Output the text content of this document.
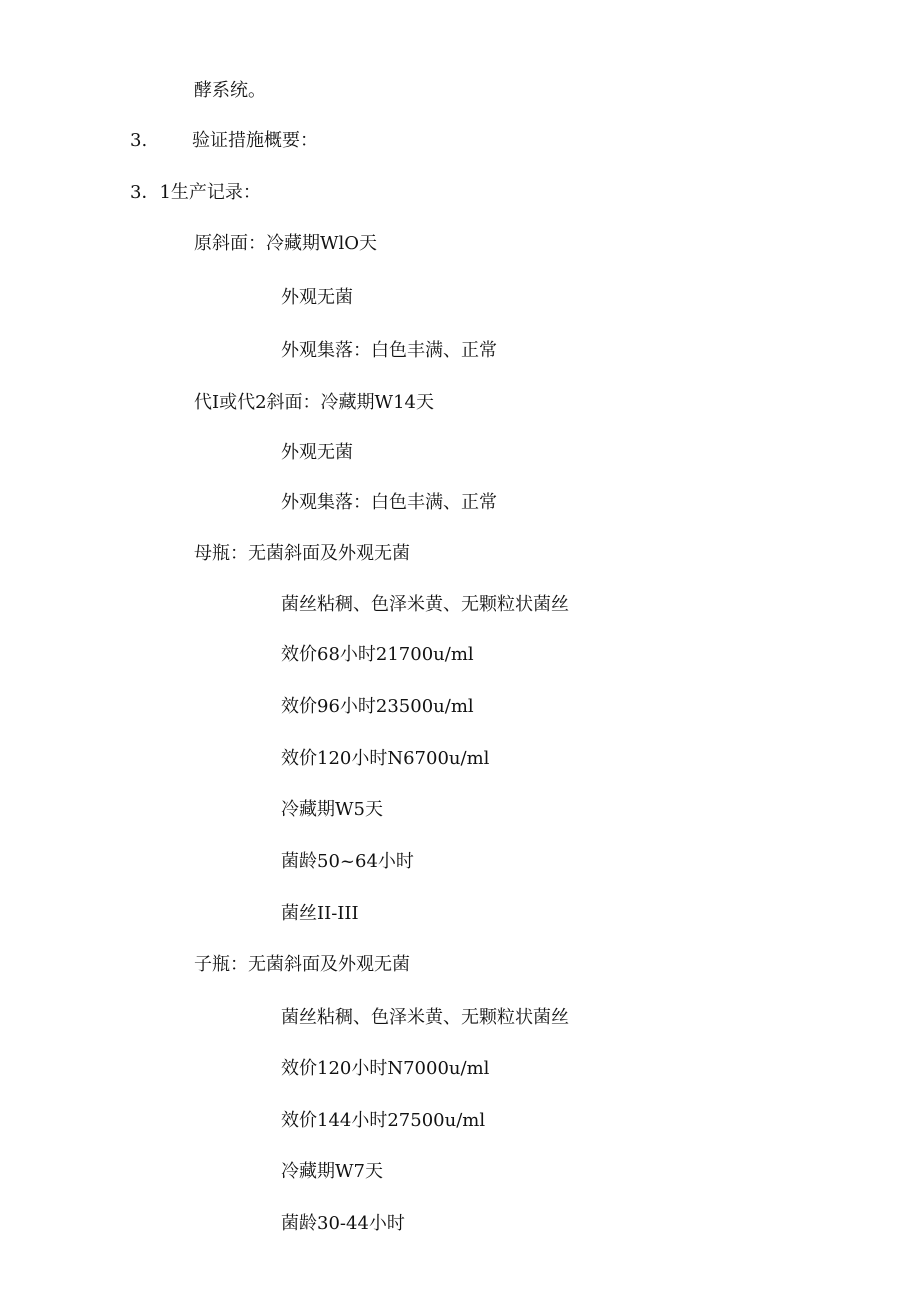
酵系统。
3. 验证措施概要：
3．1生产记录：
原斜面：冷藏期WlO天
外观无菌
外观集落：白色丰满、正常
代I或代2斜面：冷藏期W14天
外观无菌
外观集落：白色丰满、正常
母瓶：无菌斜面及外观无菌
菌丝粘稠、色泽米黄、无颗粒状菌丝
效价68小时21700u∕ml
效价96小时23500u∕ml
效价120小时N6700u∕ml
冷藏期W5天
菌龄50~64小时
菌丝II-III
子瓶：无菌斜面及外观无菌
菌丝粘稠、色泽米黄、无颗粒状菌丝
效价120小时N7000u∕ml
效价144小时27500u∕ml
冷藏期W7天
菌龄30-44小时
